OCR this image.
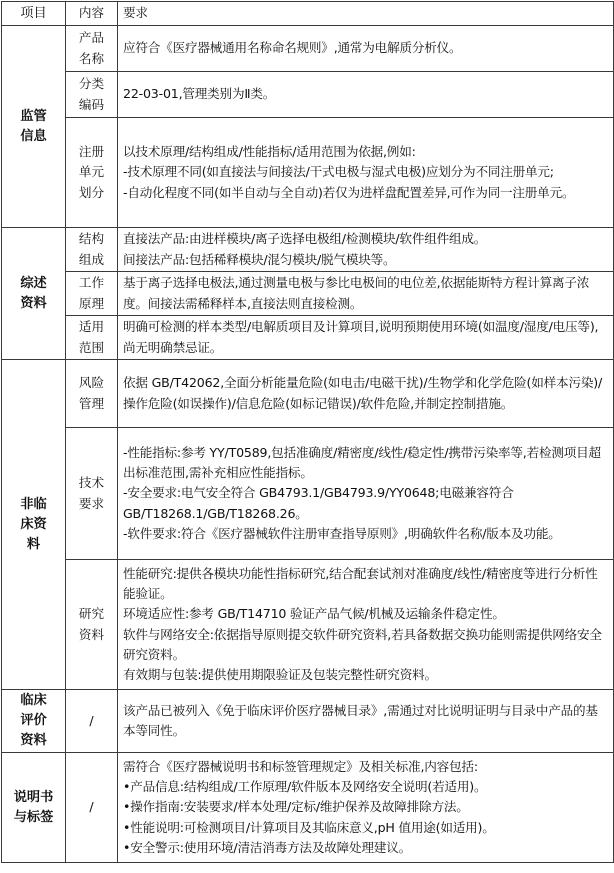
项目	内容	要求
监管信息	产品名称	应符合《医疗器械通用名称命名规则》,通常为电解质分析仪。
	分类编码	22-03-01,管理类别为Ⅱ类。
	注册单元划分	以技术原理/结构组成/性能指标/适用范围为依据,例如:
-技术原理不同(如直接法与间接法/干式电极与湿式电极)应划分为不同注册单元;
-自动化程度不同(如半自动与全自动)若仅为进样盘配置差异,可作为同一注册单元。

综述资料	结构组成	直接法产品:由进样模块/离子选择电极组/检测模块/软件组件组成。
间接法产品:包括稀释模块/混匀模块/脱气模块等。

	工作原理	基于离子选择电极法,通过测量电极与参比电极间的电位差,依据能斯特方程计算离子浓度。间接法需稀释样本,直接法则直接检测。
	适用范围	明确可检测的样本类型/电解质项目及计算项目,说明预期使用环境(如温度/湿度/电压等),尚无明确禁忌证。
非临床资料	风险管理	依据 GB/T42062,全面分析能量危险(如电击/电磁干扰)/生物学和化学危险(如样本污染)/操作危险(如误操作)/信息危险(如标记错误)/软件危险,并制定控制措施。
	技术要求	-性能指标:参考 YY/T0589,包括准确度/精密度/线性/稳定性/携带污染率等,若检测项目超出标准范围,需补充相应性能指标。
-安全要求:电气安全符合 GB4793.1/GB4793.9/YY0648;电磁兼容符合GB/T18268.1/GB/T18268.26。
-软件要求:符合《医疗器械软件注册审查指导原则》,明确软件名称/版本及功能。

	研究资料	性能研究:提供各模块功能性指标研究,结合配套试剂对准确度/线性/精密度等进行分析性能验证。
环境适应性:参考 GB/T14710 验证产品气候/机械及运输条件稳定性。
软件与网络安全:依据指导原则提交软件研究资料,若具备数据交换功能则需提供网络安全研究资料。
有效期与包装:提供使用期限验证及包装完整性研究资料。

临床评价资料	/	该产品已被列入《免于临床评价医疗器械目录》,需通过对比说明证明与目录中产品的基本等同性。
说明书与标签	/	需符合《医疗器械说明书和标签管理规定》及相关标准,内容包括:
•产品信息:结构组成/工作原理/软件版本及网络安全说明(若适用)。
•操作指南:安装要求/样本处理/定标/维护保养及故障排除方法。
•性能说明:可检测项目/计算项目及其临床意义,pH 值用途(如适用)。
•安全警示:使用环境/清洁消毒方法及故障处理建议。
